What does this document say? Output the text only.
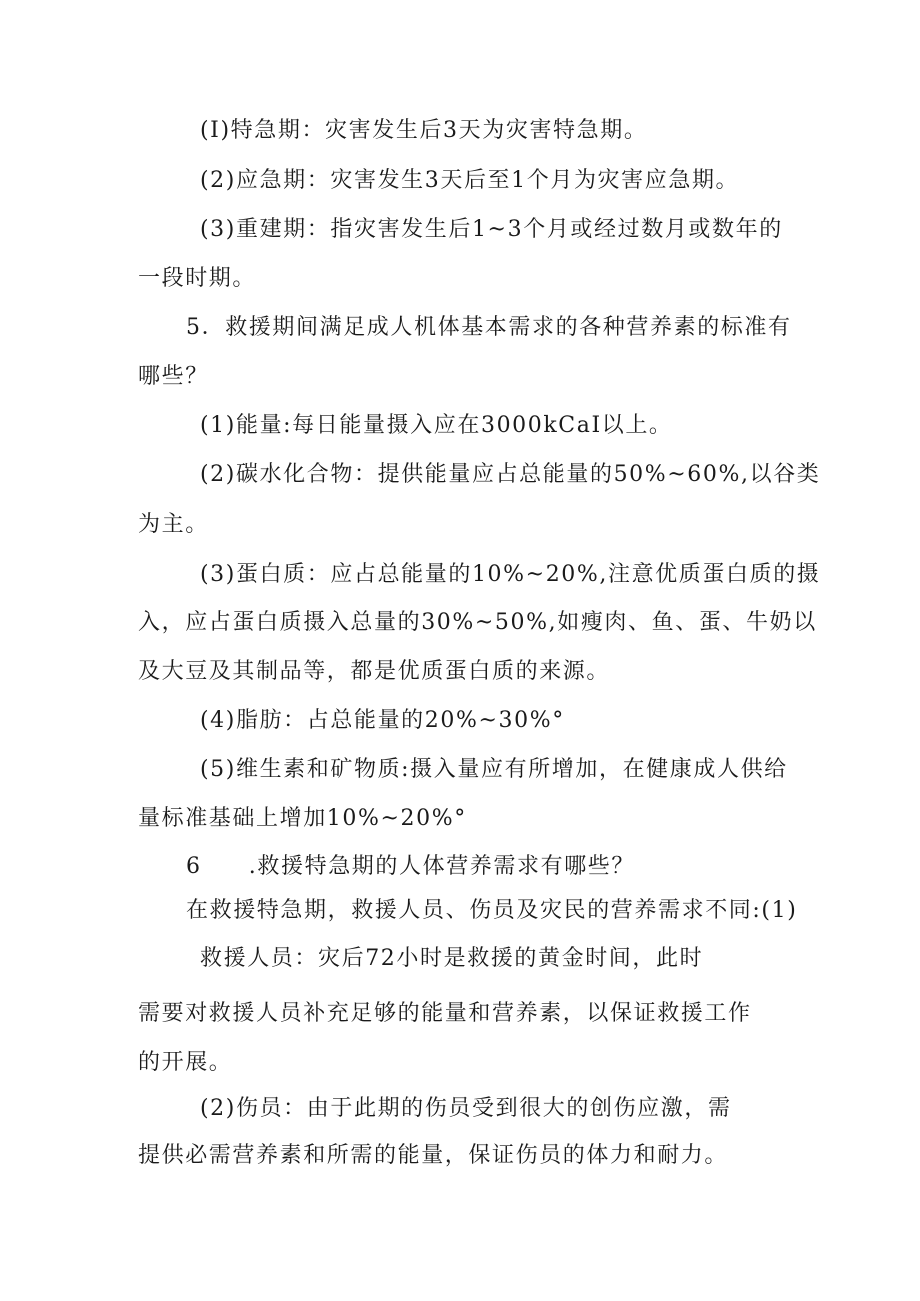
(I)特急期：灾害发生后3天为灾害特急期。
(2)应急期：灾害发生3天后至1个月为灾害应急期。
(3)重建期：指灾害发生后1~3个月或经过数月或数年的
一段时期。
5．救援期间满足成人机体基本需求的各种营养素的标准有
哪些？
(1)能量:每日能量摄入应在3000kCaI以上。
(2)碳水化合物：提供能量应占总能量的50%~60%,以谷类
为主。
(3)蛋白质：应占总能量的10%~20%,注意优质蛋白质的摄
入，应占蛋白质摄入总量的30%~50%,如瘦肉、鱼、蛋、牛奶以
及大豆及其制品等，都是优质蛋白质的来源。
(4)脂肪：占总能量的20%~30%°
(5)维生素和矿物质:摄入量应有所增加，在健康成人供给
量标准基础上增加10%~20%°
6　　.救援特急期的人体营养需求有哪些？
在救援特急期，救援人员、伤员及灾民的营养需求不同:(1)
救援人员：灾后72小时是救援的黄金时间，此时
需要对救援人员补充足够的能量和营养素，以保证救援工作
的开展。
(2)伤员：由于此期的伤员受到很大的创伤应激，需
提供必需营养素和所需的能量，保证伤员的体力和耐力。
